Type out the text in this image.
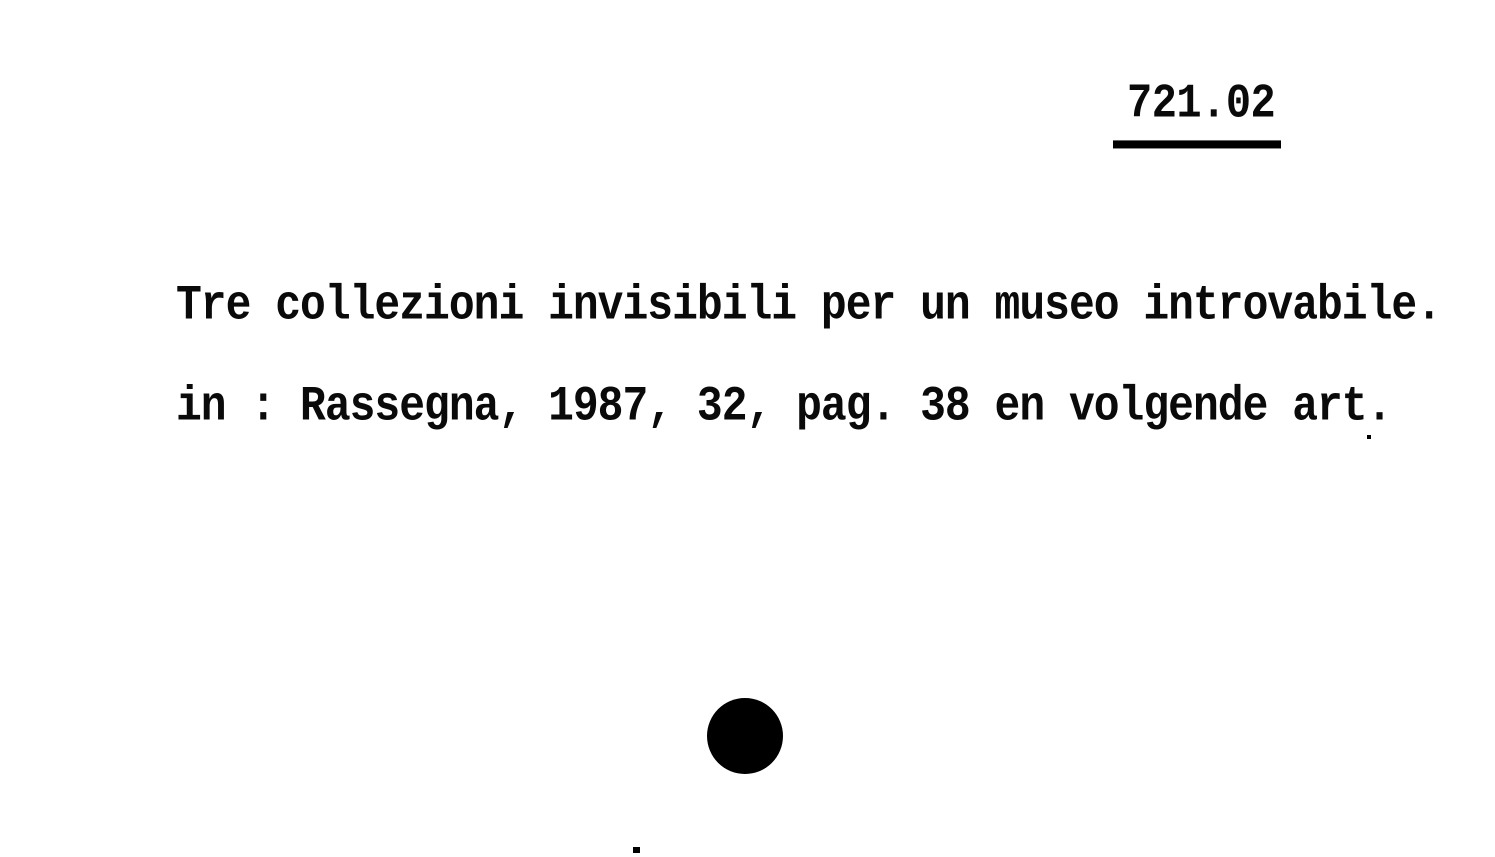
721.02
Tre collezioni invisibili per un museo introvabile.
in : Rassegna, 1987, 32, pag. 38 en volgende art.
